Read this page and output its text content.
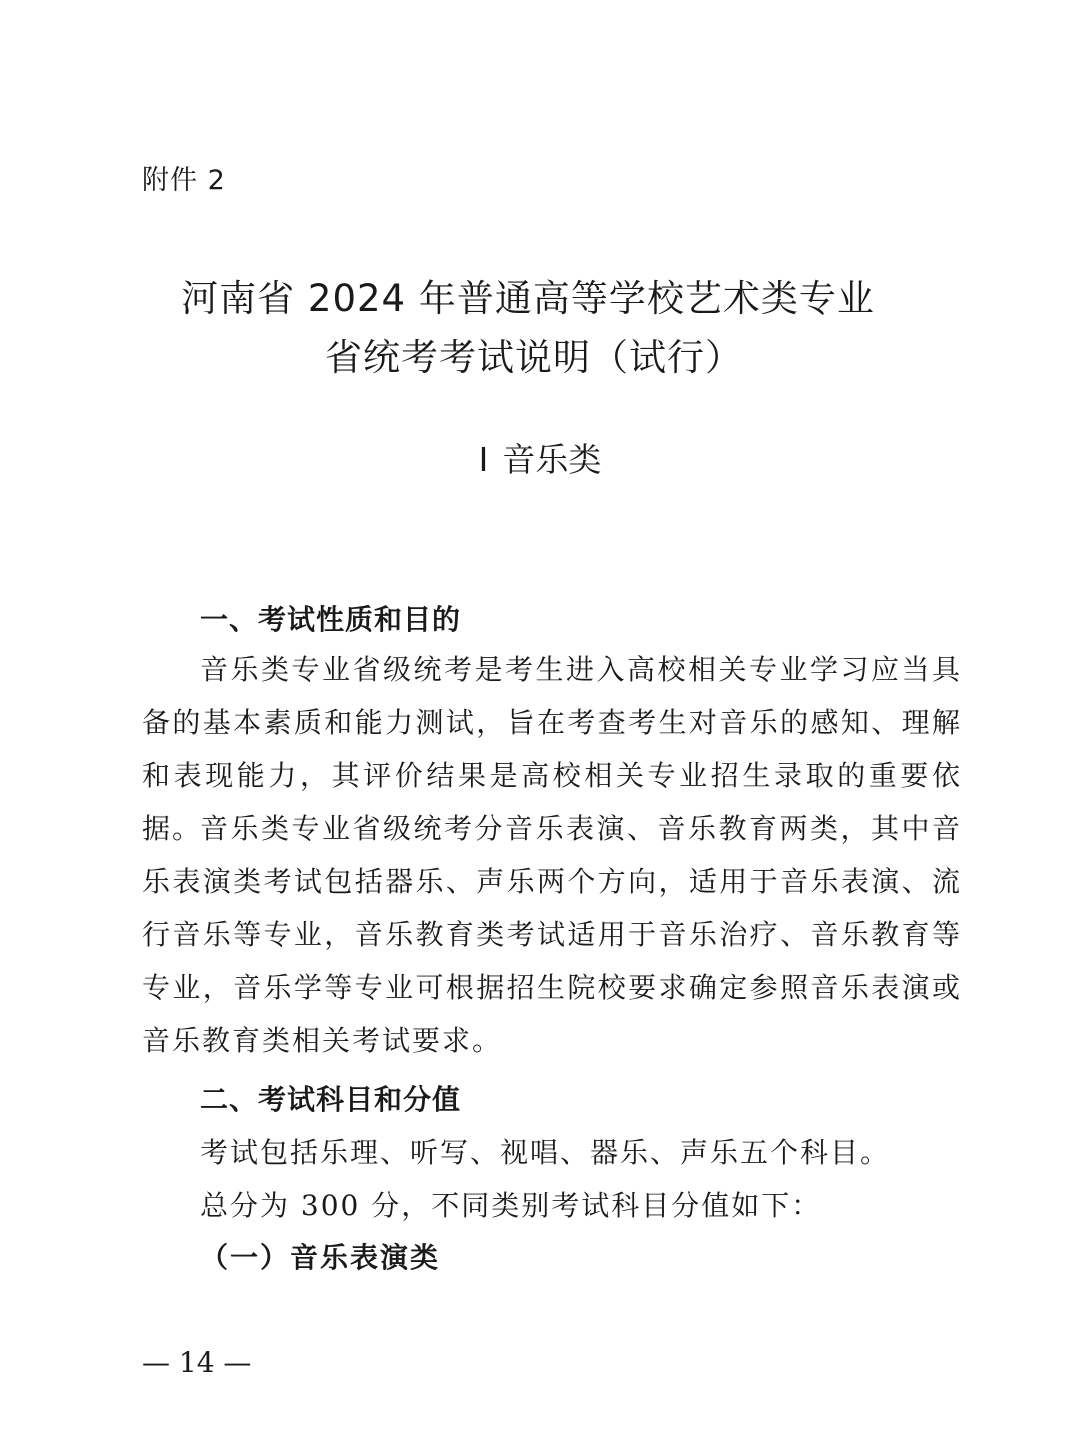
附件 2
河南省 2024 年普通高等学校艺术类专业
省统考考试说明（试行）
I 音乐类
一、考试性质和目的

音乐类专业省级统考是考生进入高校相关专业学习应当具备的基本素质和能力测试，旨在考查考生对音乐的感知、理解和表现能力，其评价结果是高校相关专业招生录取的重要依据。

音乐类专业省级统考分音乐表演、音乐教育两类，其中音乐表演类考试包括器乐、声乐两个方向，适用于音乐表演、流行音乐等专业，音乐教育类考试适用于音乐治疗、音乐教育等专业，音乐学等专业可根据招生院校要求确定参照音乐表演或音乐教育类相关考试要求。

二、考试科目和分值
考试包括乐理、听写、视唱、器乐、声乐五个科目。
总分为 300 分，不同类别考试科目分值如下：
（一）音乐表演类
— 14 —
